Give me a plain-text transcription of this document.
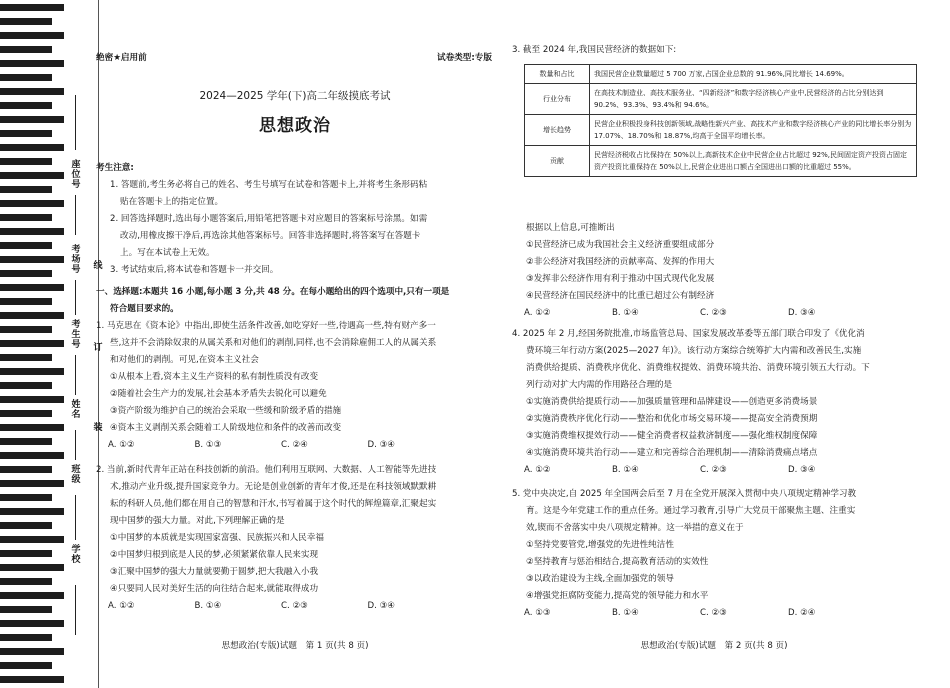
座位号
考场号
考生号
姓名
班级
学校
线
订
装
绝密★启用前	试卷类型:专版
2024—2025 学年(下)高二年级摸底考试
思想政治

考生注意:

1. 答题前,考生务必将自己的姓名、考生号填写在试卷和答题卡上,并将考生条形码粘

贴在答题卡上的指定位置。

2. 回答选择题时,选出每小题答案后,用铅笔把答题卡对应题目的答案标号涂黑。如需

改动,用橡皮擦干净后,再选涂其他答案标号。回答非选择题时,将答案写在答题卡

上。写在本试卷上无效。

3. 考试结束后,将本试卷和答题卡一并交回。

一、选择题:本题共 16 小题,每小题 3 分,共 48 分。在每小题给出的四个选项中,只有一项是

符合题目要求的。

1. 马克思在《资本论》中指出,即使生活条件改善,如吃穿好一些,待遇高一些,特有财产多一

些,这并不会消除奴隶的从属关系和对他们的剥削,同样,也不会消除雇佣工人的从属关系

和对他们的剥削。可见,在资本主义社会

①从根本上看,资本主义生产资料的私有制性质没有改变

②随着社会生产力的发展,社会基本矛盾失去锐化可以避免

③资产阶级为维护自己的统治会采取一些缓和阶级矛盾的措施

④资本主义剥削关系会随着工人阶级地位和条件的改善而改变

A. ①②	B. ①③	C. ②④	D. ③④

2. 当前,新时代青年正站在科技创新的前沿。他们利用互联网、大数据、人工智能等先进技

术,推动产业升级,提升国家竞争力。无论是创业创新的青年才俊,还是在科技领域默默耕

耘的科研人员,他们都在用自己的智慧和汗水,书写着属于这个时代的辉煌篇章,汇聚起实

现中国梦的强大力量。对此,下列理解正确的是

①中国梦的本质就是实现国家富强、民族振兴和人民幸福

②中国梦归根到底是人民的梦,必须紧紧依靠人民来实现

③汇聚中国梦的强大力量就要勤于圆梦,把大我融入小我

④只要同人民对美好生活的向往结合起来,就能取得成功

A. ①②	B. ①④	C. ②③	D. ③④
思想政治(专版)试题　第 1 页(共 8 页)

3. 截至 2024 年,我国民营经济的数据如下:

数量和占比	我国民营企业数量超过 5 700 万家,占国企业总数的 91.96%,同比增长 14.69%。
行业分布	在高技术制造业、高技术服务业、“四新经济”和数字经济核心产业中,民营经济的占比分别达到 90.2%、93.3%、93.4%和 94.6%。
增长趋势	民营企业积极投身科技创新领域,战略性新兴产业、高技术产业和数字经济核心产业的同比增长率分别为 17.07%、18.70%和 18.87%,均高于全国平均增长率。
贡献	民营经济税收占比保持在 50%以上,高新技术企业中民营企业占比超过 92%,民间固定资产投资占固定资产投资比重保持在 50%以上,民营企业进出口额占全国进出口额的比重超过 55%。

根据以上信息,可推断出

①民营经济已成为我国社会主义经济重要组成部分

②非公经济对我国经济的贡献率高、发挥的作用大

③发挥非公经济作用有利于推动中国式现代化发展

④民营经济在国民经济中的比重已超过公有制经济

A. ①②	B. ①④	C. ②③	D. ③④

4. 2025 年 2 月,经国务院批准,市场监管总局、国家发展改革委等五部门联合印发了《优化消

费环境三年行动方案(2025—2027 年)》。该行动方案综合统筹扩大内需和改善民生,实施

消费供给提质、消费秩序优化、消费维权提效、消费环境共治、消费环境引领五大行动。下

列行动对扩大内需的作用路径合理的是

①实施消费供给提质行动——加强质量管理和品牌建设——创造更多消费场景

②实施消费秩序优化行动——整治和优化市场交易环境——提高安全消费预期

③实施消费维权提效行动——健全消费者权益救济制度——强化维权制度保障

④实施消费环境共治行动——建立和完善综合治理机制——清除消费痛点堵点

A. ①②	B. ①④	C. ②③	D. ③④

5. 党中央决定,自 2025 年全国两会后至 7 月在全党开展深入贯彻中央八项规定精神学习教

育。这是今年党建工作的重点任务。通过学习教育,引导广大党员干部聚焦主题、注重实

效,锲而不舍落实中央八项规定精神。这一举措的意义在于

①坚持党要管党,增强党的先进性纯洁性

②坚持教育与惩治相结合,提高教育活动的实效性

③以政治建设为主线,全面加强党的领导

④增强党拒腐防变能力,提高党的领导能力和水平

A. ①③	B. ①④	C. ②③	D. ②④
思想政治(专版)试题　第 2 页(共 8 页)
